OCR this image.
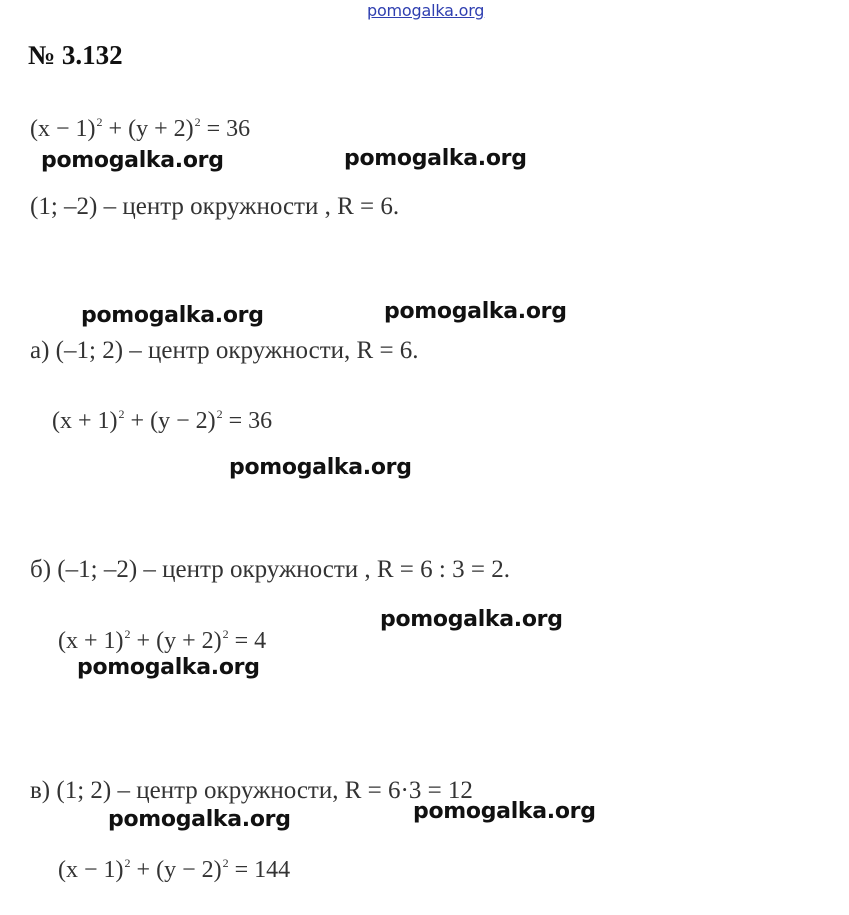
pomogalka.org
№ 3.132
$(x - 1)^2 + (y + 2)^2 = 36$
pomogalka.org	pomogalka.org
(1; –2) – центр окружности , R = 6.
pomogalka.org	pomogalka.org
а) (–1; 2) – центр окружности, R = 6.
$(x + 1)^2 + (y - 2)^2 = 36$
pomogalka.org
б) (–1; –2) – центр окружности , R = 6 : 3 = 2.
pomogalka.org
$(x + 1)^2 + (y + 2)^2 = 4$
pomogalka.org
в) (1; 2) – центр окружности, R = 6·3 = 12
pomogalka.org
pomogalka.org
$(x - 1)^2 + (y - 2)^2 = 144$
